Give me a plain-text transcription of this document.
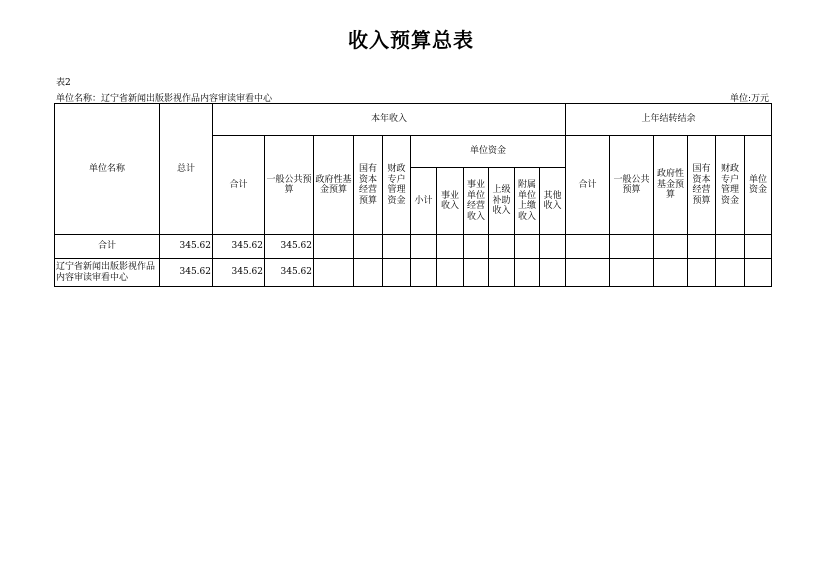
收入预算总表
表2
单位名称：辽宁省新闻出版影视作品内容审读审看中心	单位:万元
单位名称	总计	本年收入											上年结转结余					
		合计	一般公共预算	政府性基金预算	国有资本经营预算	财政专户管理资金	单位资金						合计	一般公共预算	政府性基金预算	国有资本经营预算	财政专户管理资金	单位资金
							小计	事业收入	事业单位经营收入	上级补助收入	附属单位上缴收入	其他收入						
合计	345.62	345.62	345.62															
辽宁省新闻出版影视作品内容审读审看中心	345.62	345.62	345.62															
